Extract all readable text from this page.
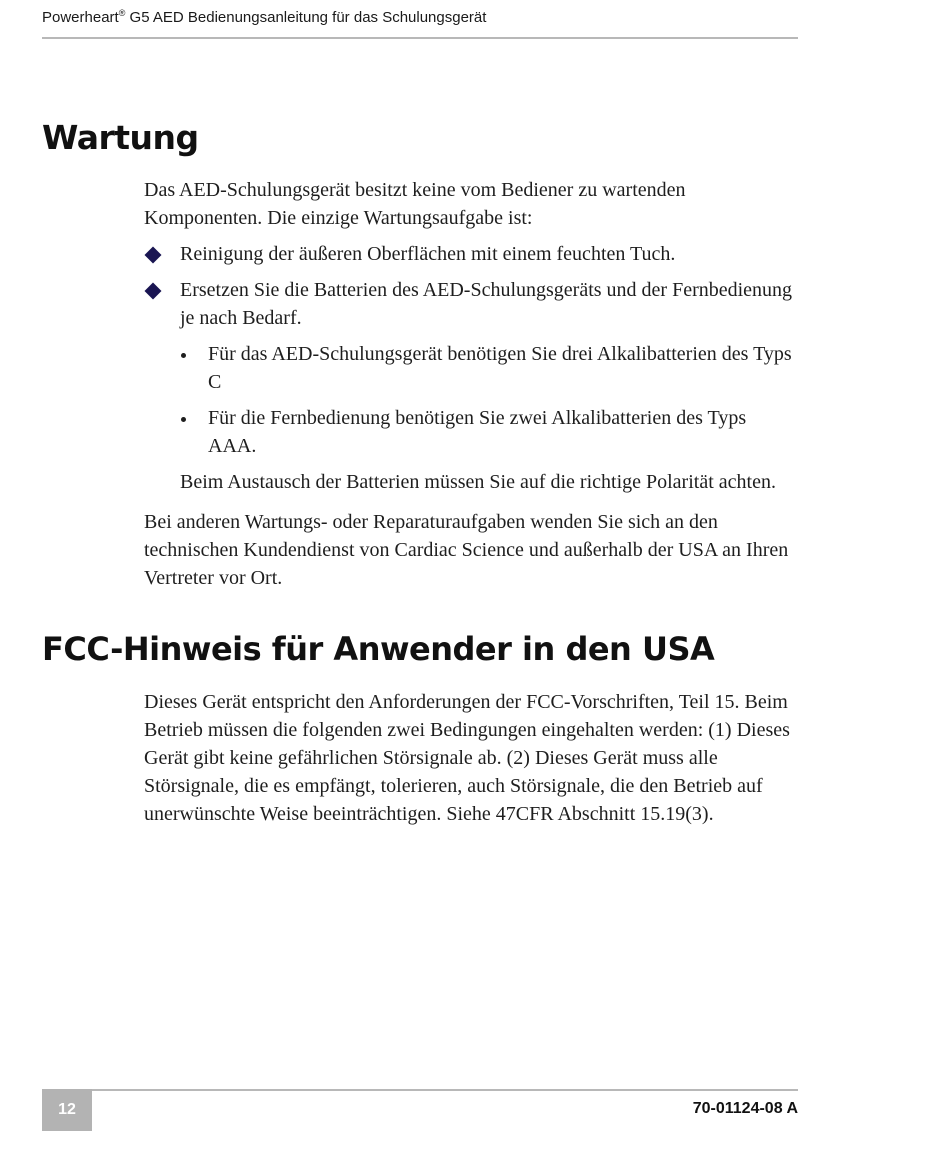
Powerheart® G5 AED Bedienungsanleitung für das Schulungsgerät
Wartung

Das AED-Schulungsgerät besitzt keine vom Bediener zu wartenden Komponenten. Die einzige Wartungsaufgabe ist:

Reinigung der äußeren Oberflächen mit einem feuchten Tuch.

Ersetzen Sie die Batterien des AED-Schulungsgeräts und der Fernbedienung je nach Bedarf.

Für das AED-Schulungsgerät benötigen Sie drei Alkalibatterien des Typs C

Für die Fernbedienung benötigen Sie zwei Alkalibatterien des Typs AAA.

Beim Austausch der Batterien müssen Sie auf die richtige Polarität achten.

Bei anderen Wartungs- oder Reparaturaufgaben wenden Sie sich an den technischen Kundendienst von Cardiac Science und außerhalb der USA an Ihren Vertreter vor Ort.

FCC-Hinweis für Anwender in den USA

Dieses Gerät entspricht den Anforderungen der FCC-Vorschriften, Teil 15. Beim Betrieb müssen die folgenden zwei Bedingungen eingehalten werden: (1) Dieses Gerät gibt keine gefährlichen Störsignale ab. (2) Dieses Gerät muss alle Störsignale, die es empfängt, tolerieren, auch Störsignale, die den Betrieb auf unerwünschte Weise beeinträchtigen. Siehe 47CFR Abschnitt 15.19(3).

12	70-01124-08 A
